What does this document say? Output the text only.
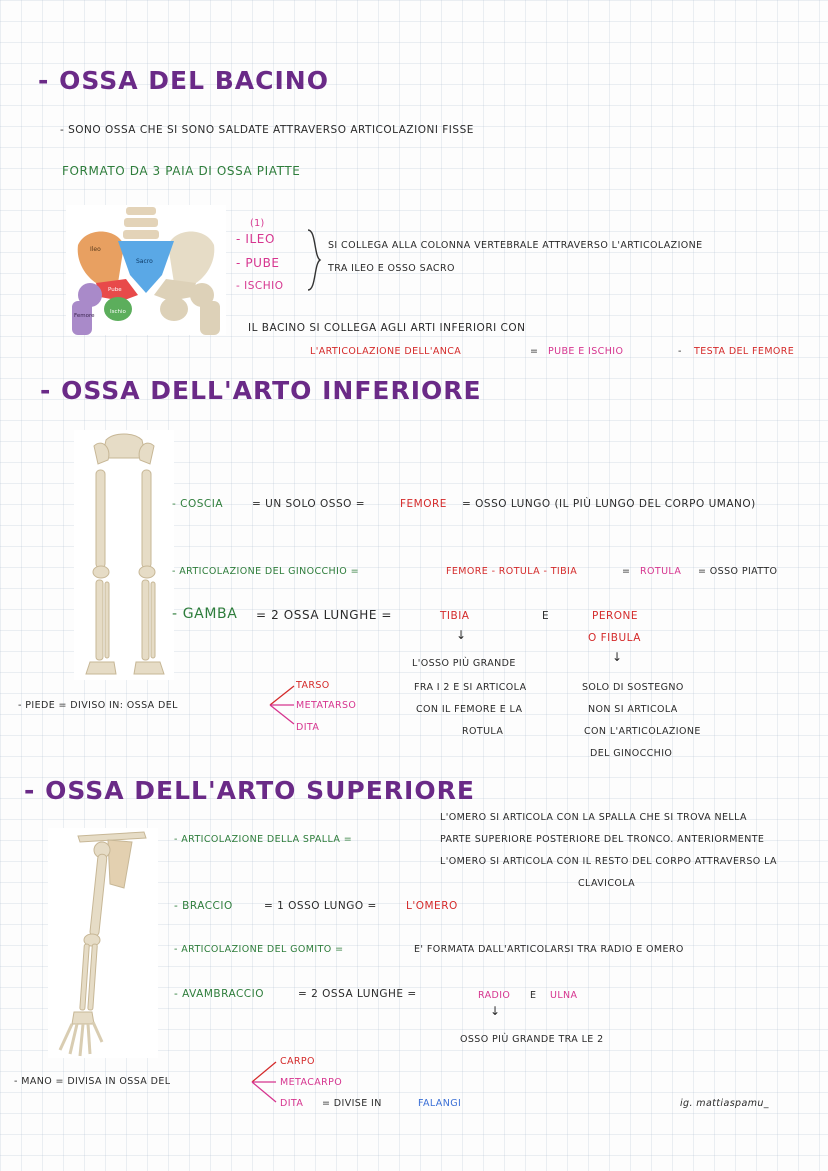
- OSSA DEL BACINO
- SONO OSSA CHE SI SONO SALDATE ATTRAVERSO ARTICOLAZIONI FISSE
FORMATO DA 3 PAIA DI OSSA PIATTE
Ileo
Sacro
Pube
Ischio
Femore
(1)
- ILEO
- PUBE
- ISCHIO
SI COLLEGA ALLA COLONNA VERTEBRALE ATTRAVERSO L'ARTICOLAZIONE
TRA ILEO E OSSO SACRO
IL BACINO SI COLLEGA AGLI ARTI INFERIORI CON
L'ARTICOLAZIONE DELL'ANCA	= PUBE E ISCHIO	- TESTA DEL FEMORE
- OSSA DELL'ARTO INFERIORE
- COSCIA	= UN SOLO OSSO =	FEMORE = OSSO LUNGO (IL PIÙ LUNGO DEL CORPO UMANO)
- ARTICOLAZIONE DEL GINOCCHIO =	FEMORE - ROTULA - TIBIA	= ROTULA = OSSO PIATTO
- GAMBA = 2 OSSA LUNGHE =	TIBIA	E	PERONE
O FIBULA
↓
↓
L'OSSO PIÙ GRANDE
FRA I 2 E SI ARTICOLA
CON IL FEMORE E LA
ROTULA
SOLO DI SOSTEGNO
NON SI ARTICOLA
CON L'ARTICOLAZIONE
DEL GINOCCHIO
- PIEDE = DIVISO IN: OSSA DEL
TARSO
METATARSO
DITA
- OSSA DELL'ARTO SUPERIORE
- ARTICOLAZIONE DELLA SPALLA =
L'OMERO SI ARTICOLA CON LA SPALLA CHE SI TROVA NELLA
PARTE SUPERIORE POSTERIORE DEL TRONCO. ANTERIORMENTE
L'OMERO SI ARTICOLA CON IL RESTO DEL CORPO ATTRAVERSO LA
CLAVICOLA
- BRACCIO	= 1 OSSO LUNGO =	L'OMERO
- ARTICOLAZIONE DEL GOMITO =	E' FORMATA DALL'ARTICOLARSI TRA RADIO E OMERO
- AVAMBRACCIO	= 2 OSSA LUNGHE =	RADIO E ULNA
↓
OSSO PIÙ GRANDE TRA LE 2
- MANO = DIVISA IN OSSA DEL
CARPO
METACARPO
DITA = DIVISE IN	FALANGI	ig. mattiaspamu_
